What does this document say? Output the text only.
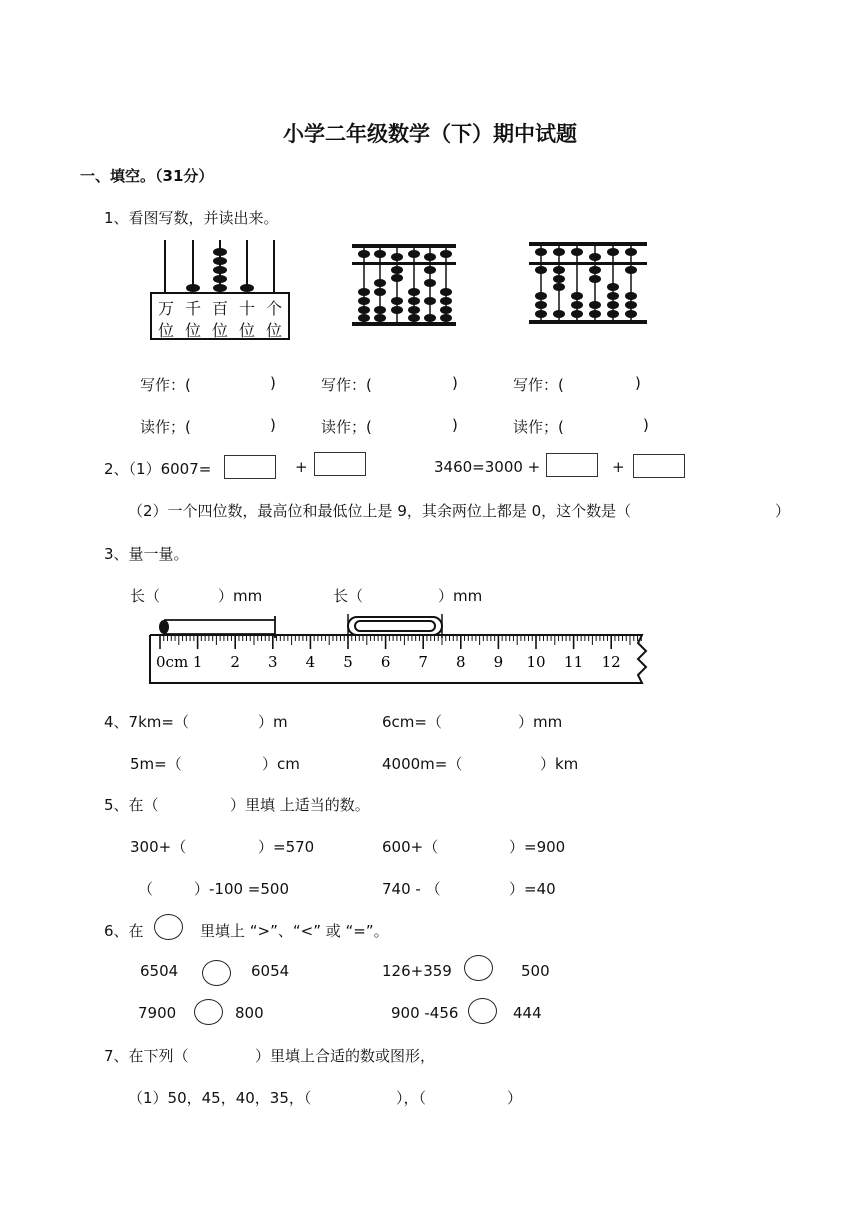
小学二年级数学（下）期中试题
一、填空。（31分）
1、看图写数，并读出来。
万 千 百 十 个
位 位 位 位 位
写作：(	)	写作：(	)	写作：(	)
读作；(	)	读作；(	)	读作；(	)
2、（1）6007=	+	3460=3000 +	+
（2）一个四位数，最高位和最低位上是 9，其余两位上都是 0，这个数是（	）
3、量一量。
长（	）mm	长（	）mm
0cm 1 2 3 4 5 6 7 8 9 10 11 12
4、7km=（	）m	6cm=（	）mm
5m=（	）cm	4000m=（	）km
5、在（	）里填 上适当的数。
300+（	）=570	600+（	）=900
（	）-100 =500	740 - （	）=40
6、在	里填上 “>”、“<” 或 “=”。
6504	6054	126+359	500
7900	800	900 -456	444
7、在下列（	）里填上合适的数或图形，
（1）50，45，40，35，（	），（	）
